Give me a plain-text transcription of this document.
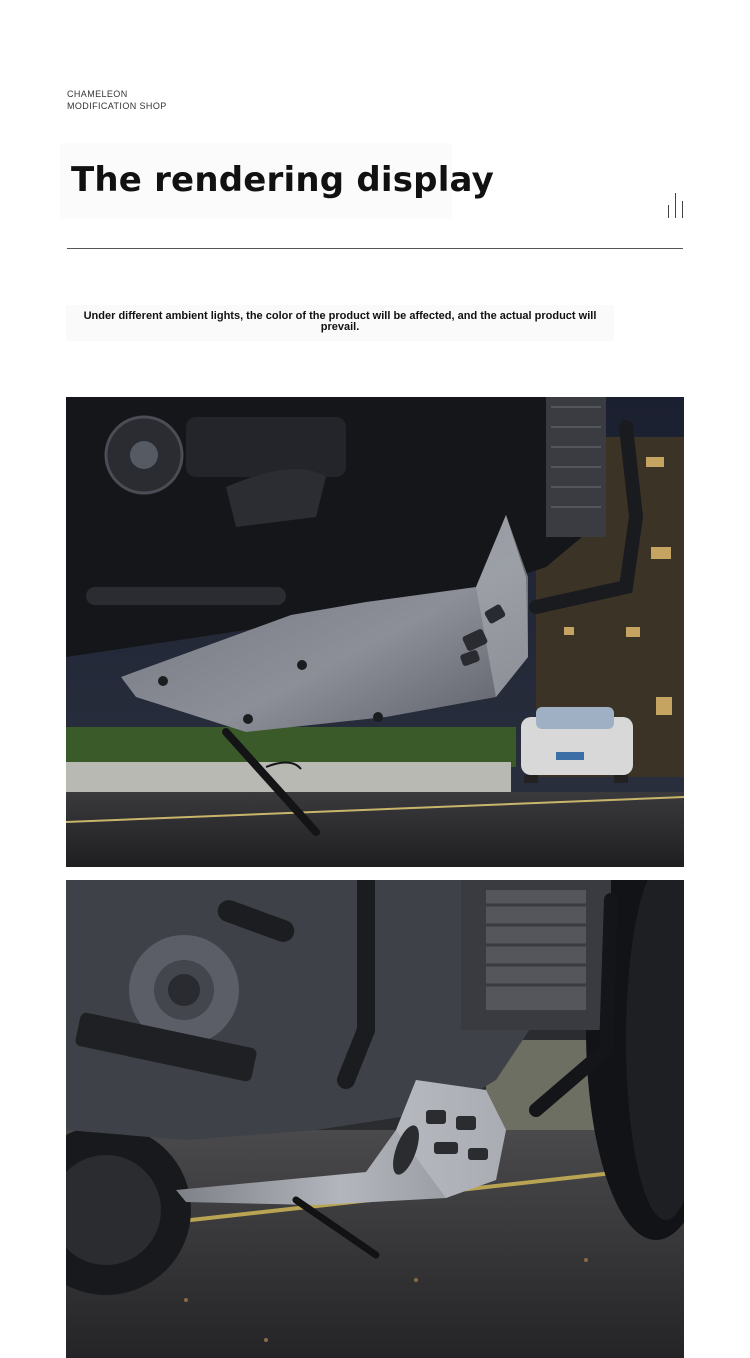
CHAMELEON
MODIFICATION SHOP
The rendering display

Under different ambient lights, the color of the product will be affected, and the actual product will prevail.
